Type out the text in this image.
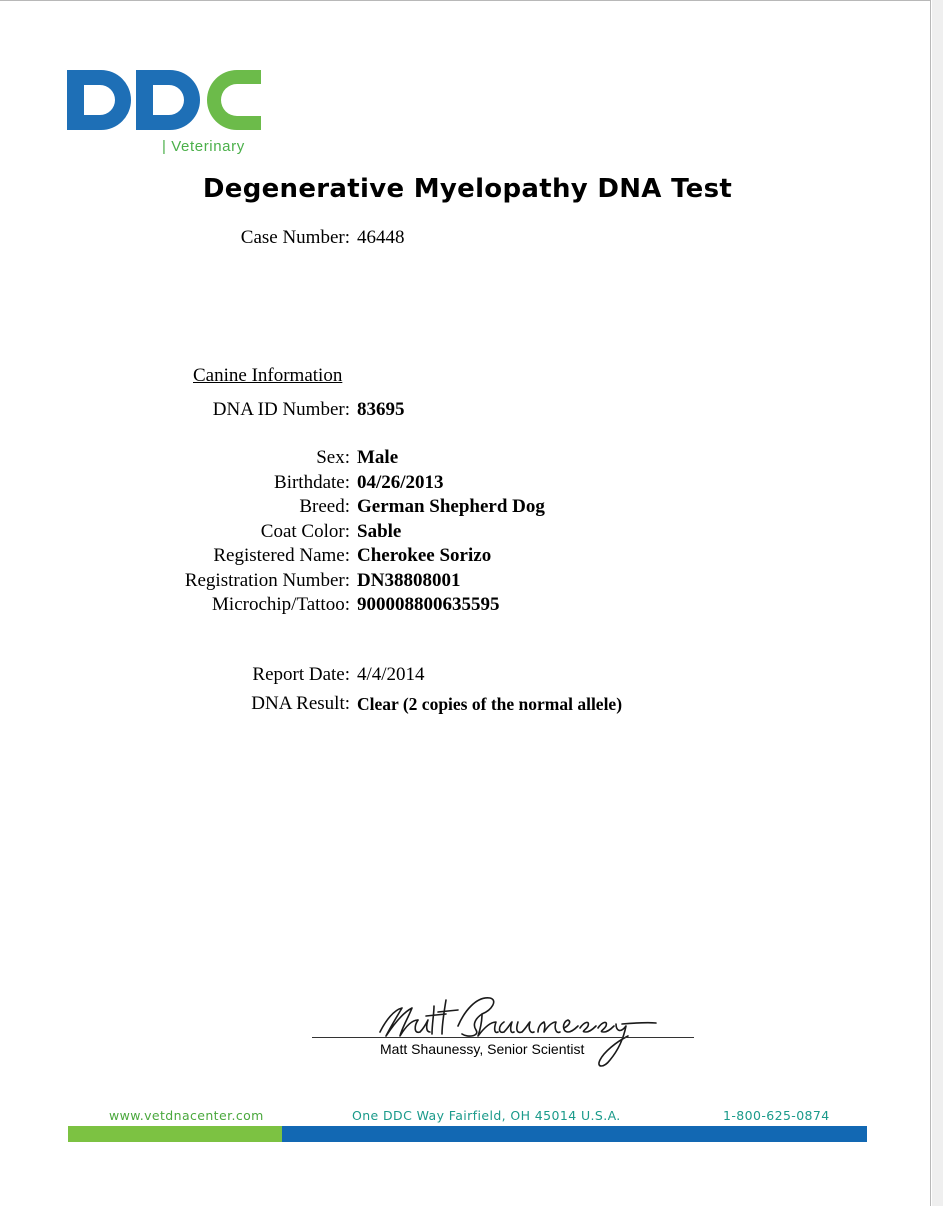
| Veterinary
Degenerative Myelopathy DNA Test
Case Number: 46448
Canine Information
DNA ID Number: 83695
Sex: Male
Birthdate: 04/26/2013
Breed: German Shepherd Dog
Coat Color: Sable
Registered Name: Cherokee Sorizo
Registration Number: DN38808001
Microchip/Tattoo: 900008800635595
Report Date: 4/4/2014
DNA Result: Clear (2 copies of the normal allele)
Matt Shaunessy, Senior Scientist
www.vetdnacenter.com	One DDC Way Fairfield, OH 45014 U.S.A.	1-800-625-0874
